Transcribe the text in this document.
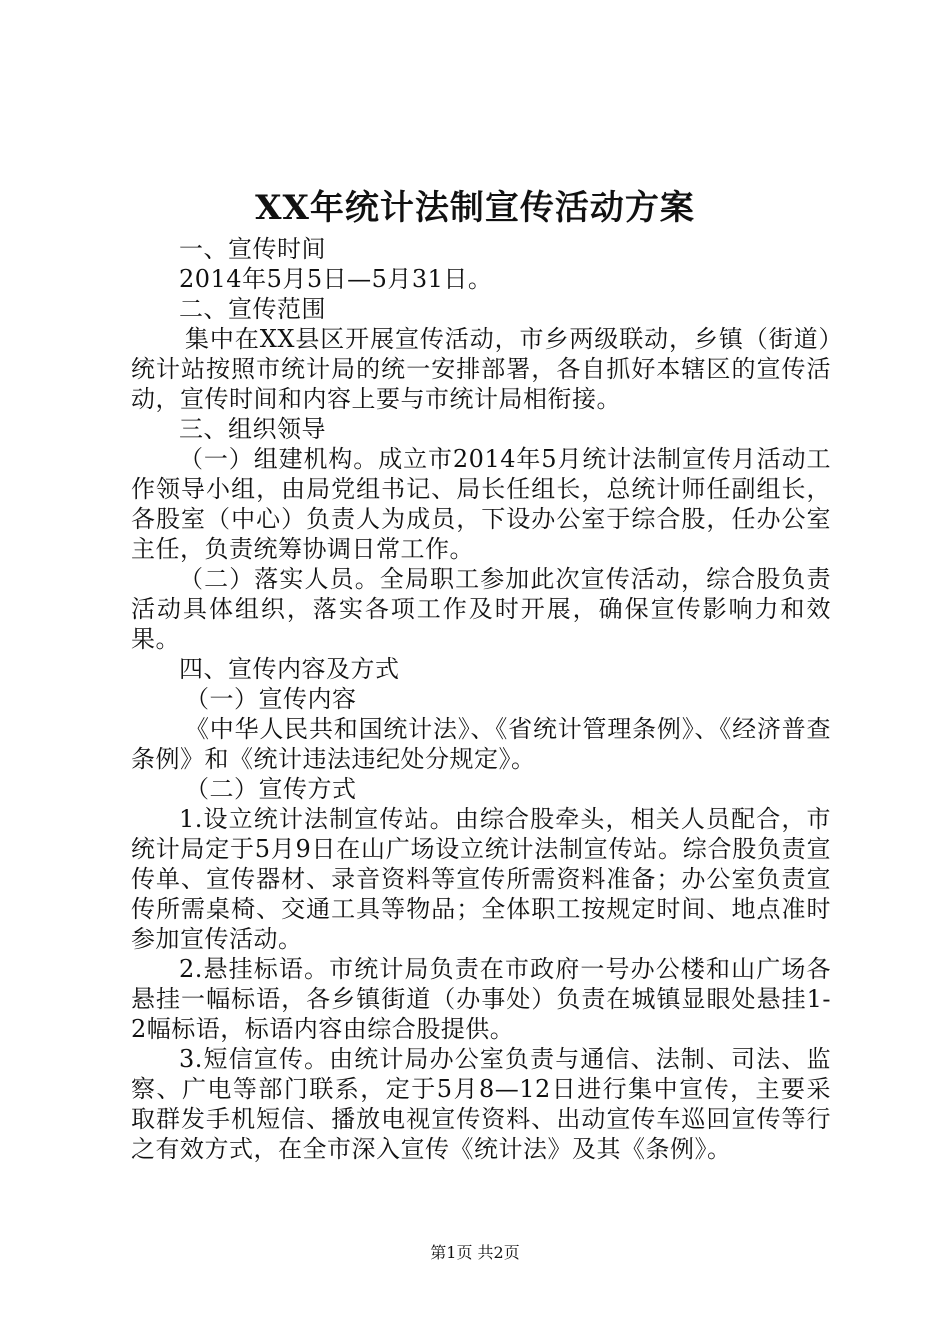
XX年统计法制宣传活动方案

一、宣传时间

2014年5月5日—5月31日。

二、宣传范围

集中在XX县区开展宣传活动，市乡两级联动，乡镇（街道）统计站按照市统计局的统一安排部署，各自抓好本辖区的宣传活动，宣传时间和内容上要与市统计局相衔接。

三、组织领导

（一）组建机构。成立市2014年5月统计法制宣传月活动工作领导小组，由局党组书记、局长任组长，总统计师任副组长，各股室（中心）负责人为成员，下设办公室于综合股，任办公室主任，负责统筹协调日常工作。

（二）落实人员。全局职工参加此次宣传活动，综合股负责活动具体组织，落实各项工作及时开展，确保宣传影响力和效果。

四、宣传内容及方式

（一）宣传内容

《中华人民共和国统计法》、《省统计管理条例》、《经济普查条例》和《统计违法违纪处分规定》。

（二）宣传方式

1.设立统计法制宣传站。由综合股牵头，相关人员配合，市统计局定于5月9日在山广场设立统计法制宣传站。综合股负责宣传单、宣传器材、录音资料等宣传所需资料准备；办公室负责宣传所需桌椅、交通工具等物品；全体职工按规定时间、地点准时参加宣传活动。

2.悬挂标语。市统计局负责在市政府一号办公楼和山广场各悬挂一幅标语，各乡镇街道（办事处）负责在城镇显眼处悬挂1-2幅标语，标语内容由综合股提供。

3.短信宣传。由统计局办公室负责与通信、法制、司法、监察、广电等部门联系，定于5月8—12日进行集中宣传，主要采取群发手机短信、播放电视宣传资料、出动宣传车巡回宣传等行之有效方式，在全市深入宣传《统计法》及其《条例》。

第1页 共2页
